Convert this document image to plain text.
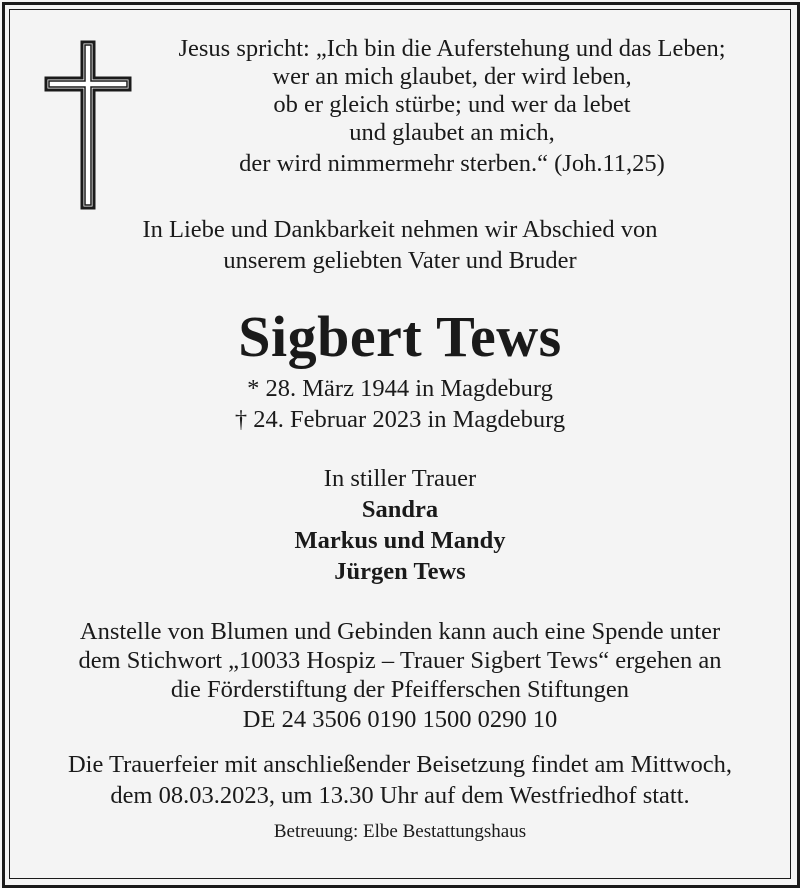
Jesus spricht: „Ich bin die Auferstehung und das Leben;
wer an mich glaubet, der wird leben,
ob er gleich stürbe; und wer da lebet
und glaubet an mich,
der wird nimmermehr sterben.“ (Joh.11,25)
In Liebe und Dankbarkeit nehmen wir Abschied von
unserem geliebten Vater und Bruder
Sigbert Tews
* 28. März 1944 in Magdeburg
† 24. Februar 2023 in Magdeburg
In stiller Trauer
Sandra
Markus und Mandy
Jürgen Tews
Anstelle von Blumen und Gebinden kann auch eine Spende unter
dem Stichwort „10033 Hospiz – Trauer Sigbert Tews“ ergehen an
die Förderstiftung der Pfeifferschen Stiftungen
DE 24 3506 0190 1500 0290 10
Die Trauerfeier mit anschließender Beisetzung findet am Mittwoch,
dem 08.03.2023, um 13.30 Uhr auf dem Westfriedhof statt.
Betreuung: Elbe Bestattungshaus
